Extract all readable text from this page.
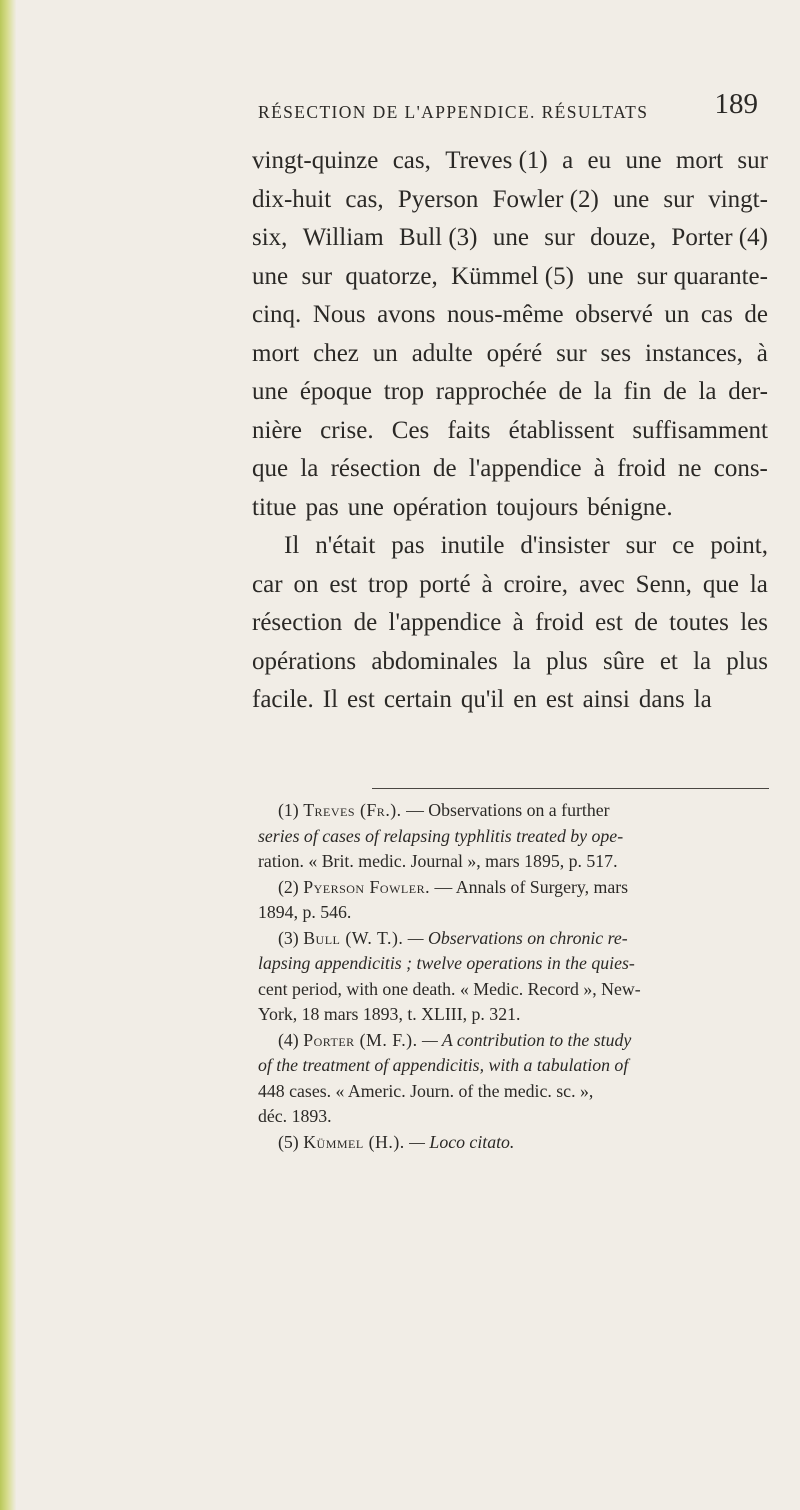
RÉSECTION DE L'APPENDICE. RÉSULTATS 189
vingt-quinze cas, Treves (1) a eu une mort sur
dix-huit cas, Pyerson Fowler (2) une sur vingt-
six, William Bull (3) une sur douze, Porter (4)
une sur quatorze, Kümmel (5) une sur quarante-
cinq. Nous avons nous-même observé un cas de
mort chez un adulte opéré sur ses instances, à
une époque trop rapprochée de la fin de la der-
nière crise. Ces faits établissent suffisamment
que la résection de l'appendice à froid ne cons-
titue pas une opération toujours bénigne.
Il n'était pas inutile d'insister sur ce point,
car on est trop porté à croire, avec Senn, que la
résection de l'appendice à froid est de toutes les
opérations abdominales la plus sûre et la plus
facile. Il est certain qu'il en est ainsi dans la
(1) Treves (Fr.). — Observations on a further
series of cases of relapsing typhlitis treated by ope-
ration. « Brit. medic. Journal », mars 1895, p. 517.
(2) Pyerson Fowler. — Annals of Surgery, mars
1894, p. 546.
(3) Bull (W. T.). — Observations on chronic re-
lapsing appendicitis ; twelve operations in the quies-
cent period, with one death. « Medic. Record », New-
York, 18 mars 1893, t. XLIII, p. 321.
(4) Porter (M. F.). — A contribution to the study
of the treatment of appendicitis, with a tabulation of
448 cases. « Americ. Journ. of the medic. sc. »,
déc. 1893.
(5) Kümmel (H.). — Loco citato.
